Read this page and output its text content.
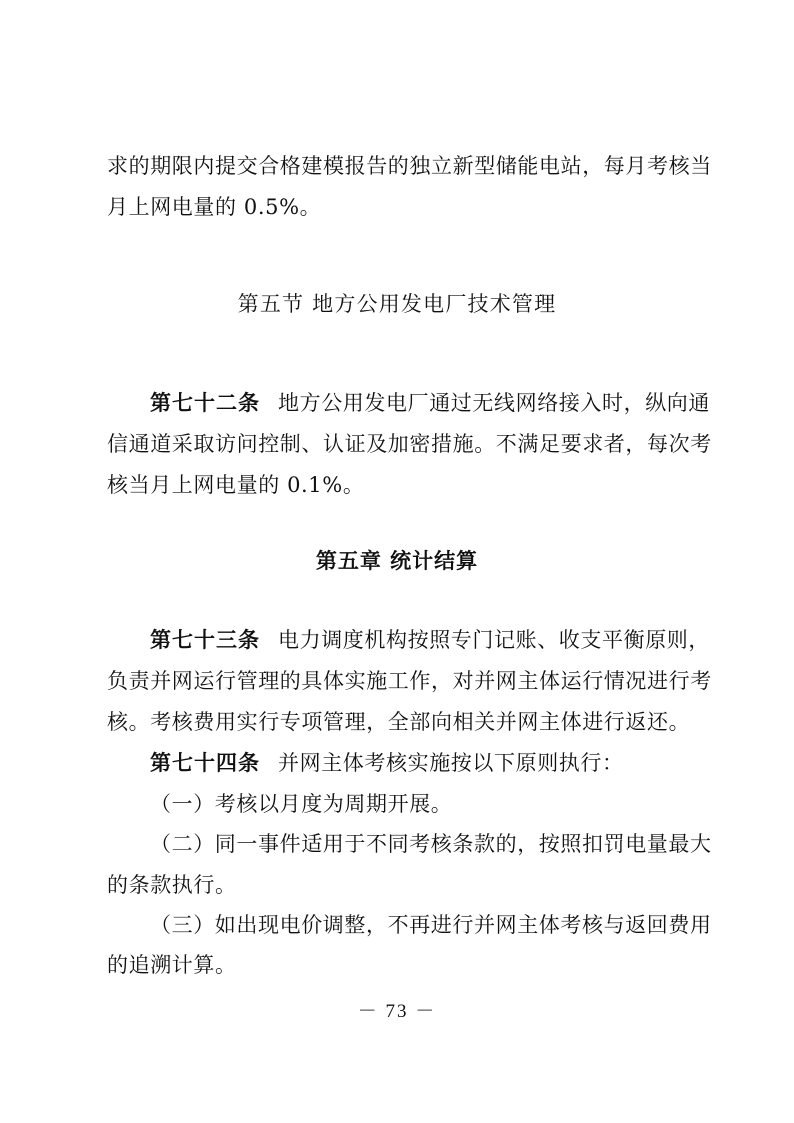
求的期限内提交合格建模报告的独立新型储能电站，每月考核当
月上网电量的 0.5%。
第五节 地方公用发电厂技术管理
第七十二条 地方公用发电厂通过无线网络接入时，纵向通
信通道采取访问控制、认证及加密措施。不满足要求者，每次考
核当月上网电量的 0.1%。
第五章 统计结算
第七十三条 电力调度机构按照专门记账、收支平衡原则，
负责并网运行管理的具体实施工作，对并网主体运行情况进行考
核。考核费用实行专项管理，全部向相关并网主体进行返还。
第七十四条 并网主体考核实施按以下原则执行：
（一）考核以月度为周期开展。
（二）同一事件适用于不同考核条款的，按照扣罚电量最大
的条款执行。
（三）如出现电价调整，不再进行并网主体考核与返回费用
的追溯计算。
－ 73 －
